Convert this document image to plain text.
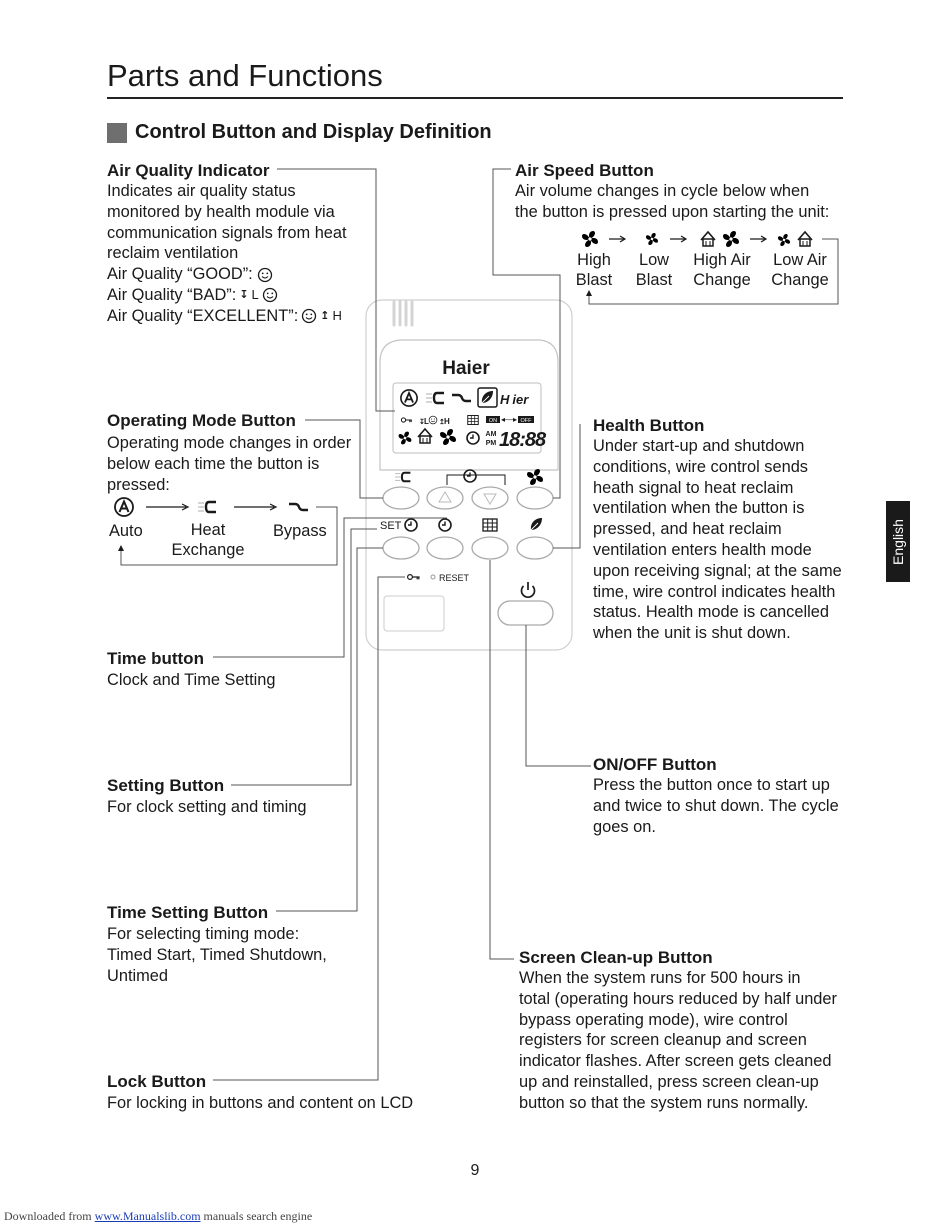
Parts and Functions
Control Button and Display Definition
Haier
H ier
↧ L ↥ H	ON ◂—▸ OFF
AM
PM 18:88
SET
RESET
Air Quality Indicator
Indicates air quality status
monitored by health module via
communication signals from heat
reclaim ventilation
Air Quality “GOOD”:
Air Quality “BAD”: ↧ L
Air Quality “EXCELLENT”: ↥ H
Air Speed Button
Air volume changes in cycle below when
the button is pressed upon starting the unit:
High
Blast
Low
Blast
High Air
Change
Low Air
Change
Operating Mode Button
Operating mode changes in order
below each time the button is
pressed:
Auto	Heat
Exchange
Bypass
Health Button
Under start-up and shutdown
conditions, wire control sends
heath signal to heat reclaim
ventilation when the button is
pressed, and heat reclaim
ventilation enters health mode
upon receiving signal; at the same
time, wire control indicates health
status. Health mode is cancelled
when the unit is shut down.
Time button
Clock and Time Setting
ON/OFF Button
Press the button once to start up
and twice to shut down. The cycle
goes on.
Setting Button
For clock setting and timing
Time Setting Button
For selecting timing mode:
Timed Start, Timed Shutdown,
Untimed
Screen Clean-up Button
When the system runs for 500 hours in
total (operating hours reduced by half under
bypass operating mode), wire control
registers for screen cleanup and screen
indicator flashes. After screen gets cleaned
up and reinstalled, press screen clean-up
button so that the system runs normally.
Lock Button
For locking in buttons and content on LCD
English
9
Downloaded from www.Manualslib.com manuals search engine
